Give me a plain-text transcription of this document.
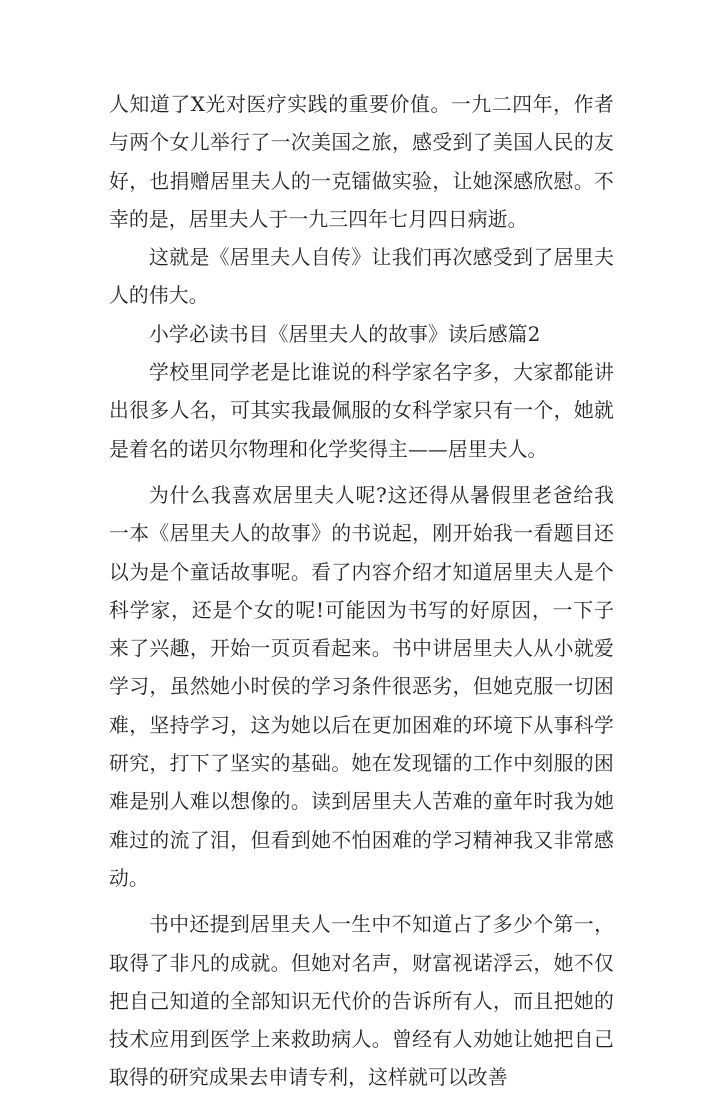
人知道了X光对医疗实践的重要价值。一九二四年，作者与两个女儿举行了一次美国之旅，感受到了美国人民的友好，也捐赠居里夫人的一克镭做实验，让她深感欣慰。不幸的是，居里夫人于一九三四年七月四日病逝。

这就是《居里夫人自传》让我们再次感受到了居里夫人的伟大。

小学必读书目《居里夫人的故事》读后感篇2

学校里同学老是比谁说的科学家名字多，大家都能讲出很多人名，可其实我最佩服的女科学家只有一个，她就是着名的诺贝尔物理和化学奖得主——居里夫人。

为什么我喜欢居里夫人呢?这还得从暑假里老爸给我一本《居里夫人的故事》的书说起，刚开始我一看题目还以为是个童话故事呢。看了内容介绍才知道居里夫人是个科学家，还是个女的呢!可能因为书写的好原因，一下子来了兴趣，开始一页页看起来。书中讲居里夫人从小就爱学习，虽然她小时侯的学习条件很恶劣，但她克服一切困难，坚持学习，这为她以后在更加困难的环境下从事科学研究，打下了坚实的基础。她在发现镭的工作中刻服的困难是别人难以想像的。读到居里夫人苦难的童年时我为她难过的流了泪，但看到她不怕困难的学习精神我又非常感动。

书中还提到居里夫人一生中不知道占了多少个第一，取得了非凡的成就。但她对名声，财富视诺浮云，她不仅把自己知道的全部知识无代价的告诉所有人，而且把她的技术应用到医学上来救助病人。曾经有人劝她让她把自己取得的研究成果去申请专利，这样就可以改善
